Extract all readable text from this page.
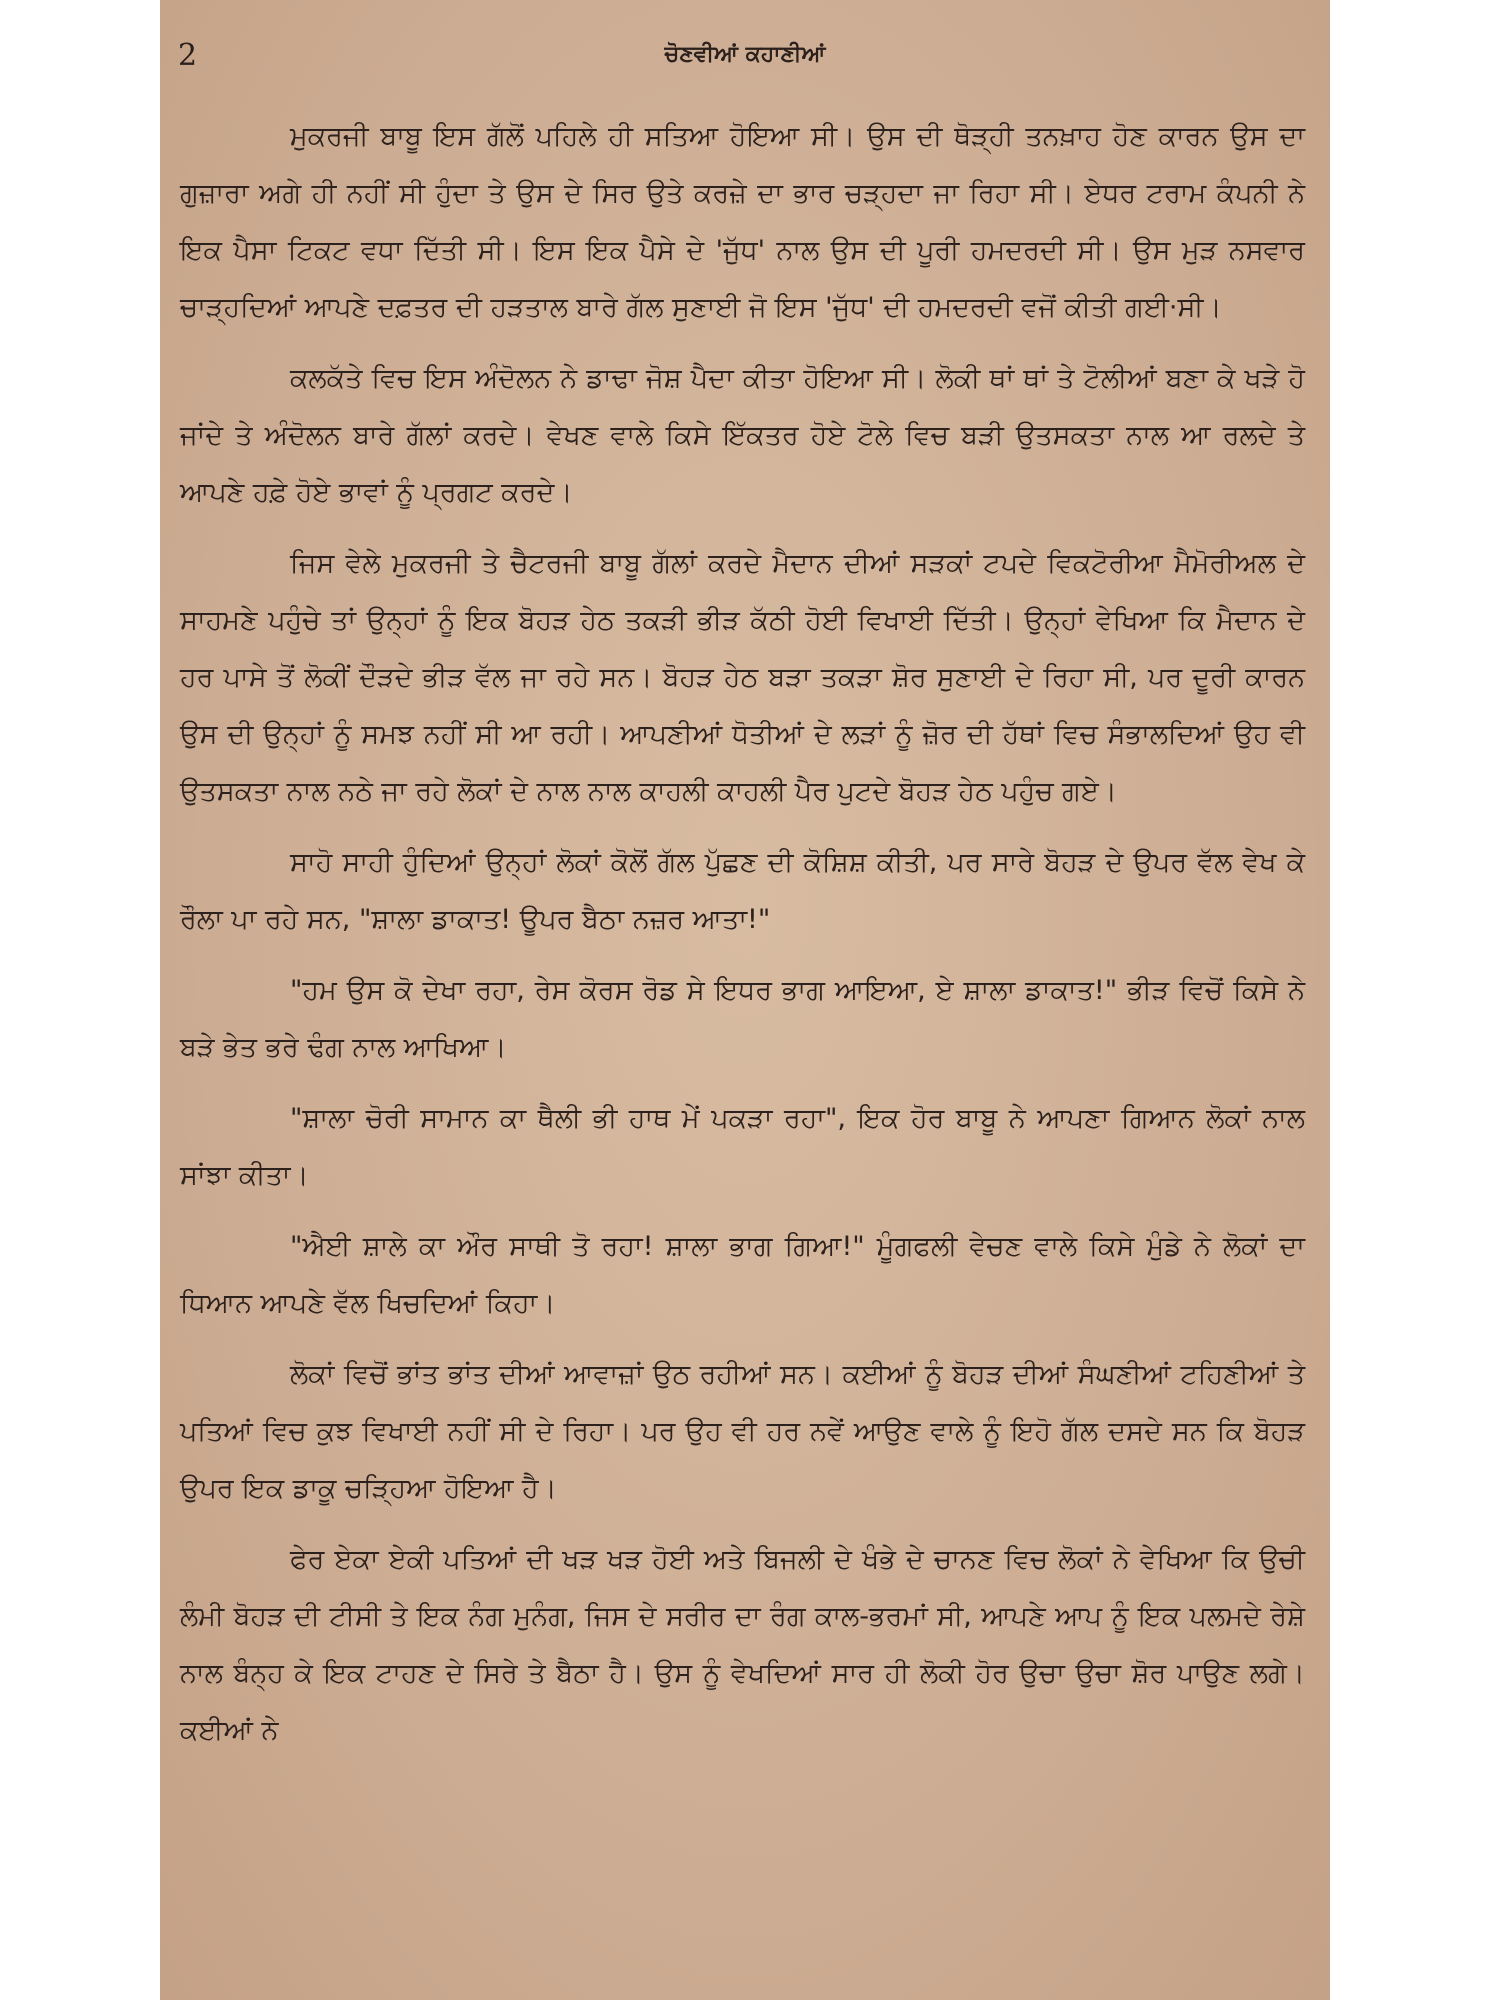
2	ਚੋਣਵੀਆਂ ਕਹਾਣੀਆਂ

ਮੁਕਰਜੀ ਬਾਬੂ ਇਸ ਗੱਲੋਂ ਪਹਿਲੇ ਹੀ ਸਤਿਆ ਹੋਇਆ ਸੀ। ਉਸ ਦੀ ਥੋੜ੍ਹੀ ਤਨਖ਼ਾਹ ਹੋਣ ਕਾਰਨ ਉਸ ਦਾ ਗੁਜ਼ਾਰਾ ਅਗੇ ਹੀ ਨਹੀਂ ਸੀ ਹੁੰਦਾ ਤੇ ਉਸ ਦੇ ਸਿਰ ਉਤੇ ਕਰਜ਼ੇ ਦਾ ਭਾਰ ਚੜ੍ਹਦਾ ਜਾ ਰਿਹਾ ਸੀ। ਏਧਰ ਟਰਾਮ ਕੰਪਨੀ ਨੇ ਇਕ ਪੈਸਾ ਟਿਕਟ ਵਧਾ ਦਿੱਤੀ ਸੀ। ਇਸ ਇਕ ਪੈਸੇ ਦੇ 'ਜੁੱਧ' ਨਾਲ ਉਸ ਦੀ ਪੂਰੀ ਹਮਦਰਦੀ ਸੀ। ਉਸ ਮੁੜ ਨਸਵਾਰ ਚਾੜ੍ਹਦਿਆਂ ਆਪਣੇ ਦਫ਼ਤਰ ਦੀ ਹੜਤਾਲ ਬਾਰੇ ਗੱਲ ਸੁਣਾਈ ਜੋ ਇਸ 'ਜੁੱਧ' ਦੀ ਹਮਦਰਦੀ ਵਜੋਂ ਕੀਤੀ ਗਈ·ਸੀ।

ਕਲਕੱਤੇ ਵਿਚ ਇਸ ਅੰਦੋਲਨ ਨੇ ਡਾਢਾ ਜੋਸ਼ ਪੈਦਾ ਕੀਤਾ ਹੋਇਆ ਸੀ। ਲੋਕੀ ਥਾਂ ਥਾਂ ਤੇ ਟੋਲੀਆਂ ਬਣਾ ਕੇ ਖੜੇ ਹੋ ਜਾਂਦੇ ਤੇ ਅੰਦੋਲਨ ਬਾਰੇ ਗੱਲਾਂ ਕਰਦੇ। ਵੇਖਣ ਵਾਲੇ ਕਿਸੇ ਇੱਕਤਰ ਹੋਏ ਟੋਲੇ ਵਿਚ ਬੜੀ ਉਤਸਕਤਾ ਨਾਲ ਆ ਰਲਦੇ ਤੇ ਆਪਣੇ ਹਫ਼ੇ ਹੋਏ ਭਾਵਾਂ ਨੂੰ ਪ੍ਰਗਟ ਕਰਦੇ।

ਜਿਸ ਵੇਲੇ ਮੁਕਰਜੀ ਤੇ ਚੈਟਰਜੀ ਬਾਬੂ ਗੱਲਾਂ ਕਰਦੇ ਮੈਦਾਨ ਦੀਆਂ ਸੜਕਾਂ ਟਪਦੇ ਵਿਕਟੋਰੀਆ ਮੈਮੋਰੀਅਲ ਦੇ ਸਾਹਮਣੇ ਪਹੁੰਚੇ ਤਾਂ ਉਨ੍ਹਾਂ ਨੂੰ ਇਕ ਬੋਹੜ ਹੇਠ ਤਕੜੀ ਭੀੜ ਕੱਠੀ ਹੋਈ ਵਿਖਾਈ ਦਿੱਤੀ। ਉਨ੍ਹਾਂ ਵੇਖਿਆ ਕਿ ਮੈਦਾਨ ਦੇ ਹਰ ਪਾਸੇ ਤੋਂ ਲੋਕੀਂ ਦੌੜਦੇ ਭੀੜ ਵੱਲ ਜਾ ਰਹੇ ਸਨ। ਬੋਹੜ ਹੇਠ ਬੜਾ ਤਕੜਾ ਸ਼ੋਰ ਸੁਣਾਈ ਦੇ ਰਿਹਾ ਸੀ, ਪਰ ਦੂਰੀ ਕਾਰਨ ਉਸ ਦੀ ਉਨ੍ਹਾਂ ਨੂੰ ਸਮਝ ਨਹੀਂ ਸੀ ਆ ਰਹੀ। ਆਪਣੀਆਂ ਧੋਤੀਆਂ ਦੇ ਲੜਾਂ ਨੂੰ ਜ਼ੋਰ ਦੀ ਹੱਥਾਂ ਵਿਚ ਸੰਭਾਲਦਿਆਂ ਉਹ ਵੀ ਉਤਸਕਤਾ ਨਾਲ ਨਠੇ ਜਾ ਰਹੇ ਲੋਕਾਂ ਦੇ ਨਾਲ ਨਾਲ ਕਾਹਲੀ ਕਾਹਲੀ ਪੈਰ ਪੁਟਦੇ ਬੋਹੜ ਹੇਠ ਪਹੁੰਚ ਗਏ।

ਸਾਹੋ ਸਾਹੀ ਹੁੰਦਿਆਂ ਉਨ੍ਹਾਂ ਲੋਕਾਂ ਕੋਲੋਂ ਗੱਲ ਪੁੱਛਣ ਦੀ ਕੋਸ਼ਿਸ਼ ਕੀਤੀ, ਪਰ ਸਾਰੇ ਬੋਹੜ ਦੇ ਉਪਰ ਵੱਲ ਵੇਖ ਕੇ ਰੌਲਾ ਪਾ ਰਹੇ ਸਨ, "ਸ਼ਾਲਾ ਡਾਕਾਤ! ਊਪਰ ਬੈਠਾ ਨਜ਼ਰ ਆਤਾ!"

"ਹਮ ਉਸ ਕੋ ਦੇਖਾ ਰਹਾ, ਰੇਸ ਕੋਰਸ ਰੋਡ ਸੇ ਇਧਰ ਭਾਗ ਆਇਆ, ਏ ਸ਼ਾਲਾ ਡਾਕਾਤ!" ਭੀੜ ਵਿਚੋਂ ਕਿਸੇ ਨੇ ਬੜੇ ਭੇਤ ਭਰੇ ਢੰਗ ਨਾਲ ਆਖਿਆ।

"ਸ਼ਾਲਾ ਚੋਰੀ ਸਾਮਾਨ ਕਾ ਥੈਲੀ ਭੀ ਹਾਥ ਮੇਂ ਪਕੜਾ ਰਹਾ", ਇਕ ਹੋਰ ਬਾਬੂ ਨੇ ਆਪਣਾ ਗਿਆਨ ਲੋਕਾਂ ਨਾਲ ਸਾਂਝਾ ਕੀਤਾ।

"ਐਈ ਸ਼ਾਲੇ ਕਾ ਔਰ ਸਾਥੀ ਤੋ ਰਹਾ! ਸ਼ਾਲਾ ਭਾਗ ਗਿਆ!" ਮੂੰਗਫਲੀ ਵੇਚਣ ਵਾਲੇ ਕਿਸੇ ਮੁੰਡੇ ਨੇ ਲੋਕਾਂ ਦਾ ਧਿਆਨ ਆਪਣੇ ਵੱਲ ਖਿਚਦਿਆਂ ਕਿਹਾ।

ਲੋਕਾਂ ਵਿਚੋਂ ਭਾਂਤ ਭਾਂਤ ਦੀਆਂ ਆਵਾਜ਼ਾਂ ਉਠ ਰਹੀਆਂ ਸਨ। ਕਈਆਂ ਨੂੰ ਬੋਹੜ ਦੀਆਂ ਸੰਘਣੀਆਂ ਟਹਿਣੀਆਂ ਤੇ ਪਤਿਆਂ ਵਿਚ ਕੁਝ ਵਿਖਾਈ ਨਹੀਂ ਸੀ ਦੇ ਰਿਹਾ। ਪਰ ਉਹ ਵੀ ਹਰ ਨਵੇਂ ਆਉਣ ਵਾਲੇ ਨੂੰ ਇਹੋ ਗੱਲ ਦਸਦੇ ਸਨ ਕਿ ਬੋਹੜ ਉਪਰ ਇਕ ਡਾਕੂ ਚੜ੍ਹਿਆ ਹੋਇਆ ਹੈ।

ਫੇਰ ਏਕਾ ਏਕੀ ਪਤਿਆਂ ਦੀ ਖੜ ਖੜ ਹੋਈ ਅਤੇ ਬਿਜਲੀ ਦੇ ਖੰਭੇ ਦੇ ਚਾਨਣ ਵਿਚ ਲੋਕਾਂ ਨੇ ਵੇਖਿਆ ਕਿ ਉਚੀ ਲੰਮੀ ਬੋਹੜ ਦੀ ਟੀਸੀ ਤੇ ਇਕ ਨੰਗ ਮੁਨੰਗ, ਜਿਸ ਦੇ ਸਰੀਰ ਦਾ ਰੰਗ ਕਾਲ-ਭਰਮਾਂ ਸੀ, ਆਪਣੇ ਆਪ ਨੂੰ ਇਕ ਪਲਮਦੇ ਰੇਸ਼ੇ ਨਾਲ ਬੰਨ੍ਹ ਕੇ ਇਕ ਟਾਹਣ ਦੇ ਸਿਰੇ ਤੇ ਬੈਠਾ ਹੈ। ਉਸ ਨੂੰ ਵੇਖਦਿਆਂ ਸਾਰ ਹੀ ਲੋਕੀ ਹੋਰ ਉਚਾ ਉਚਾ ਸ਼ੋਰ ਪਾਉਣ ਲਗੇ। ਕਈਆਂ ਨੇ
